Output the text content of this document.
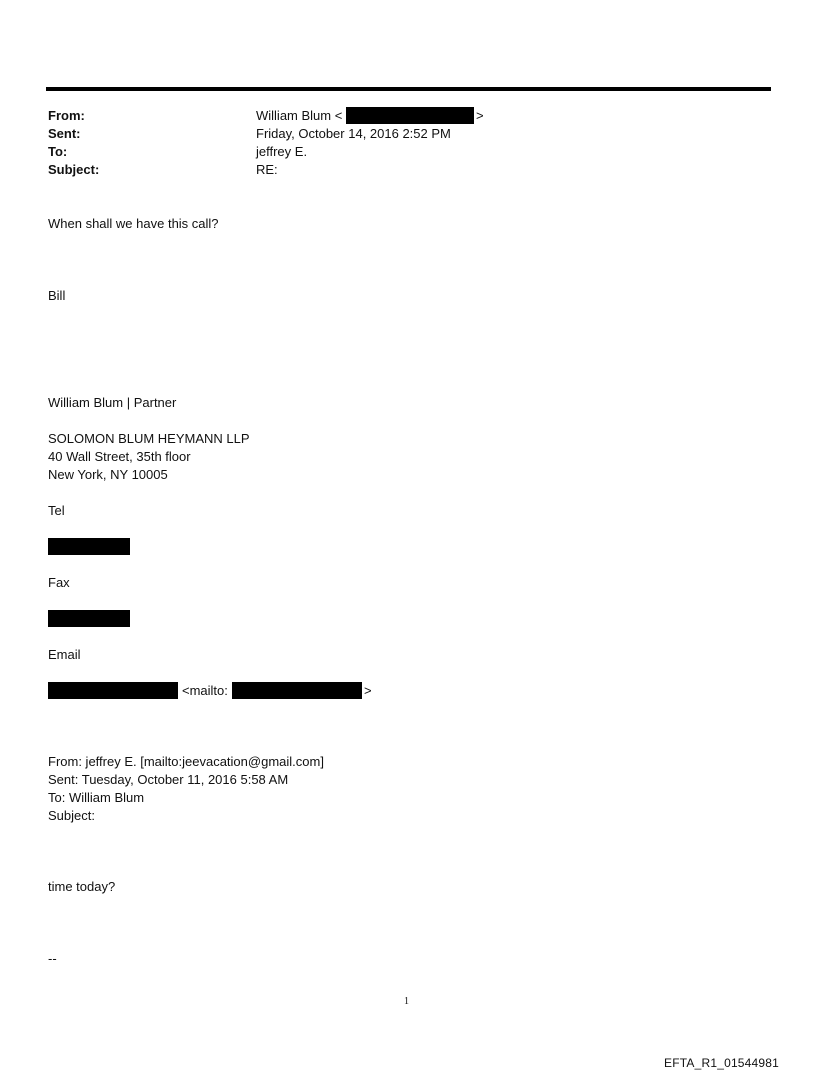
From:
Sent:
To:
Subject:
William Blum <	>
Friday, October 14, 2016 2:52 PM
jeffrey E.
RE:
When shall we have this call?
Bill
William Blum | Partner
SOLOMON BLUM HEYMANN LLP
40 Wall Street, 35th floor
New York, NY 10005
Tel
Fax
Email
<mailto:	>
From: jeffrey E. [mailto:jeevacation@gmail.com]
Sent: Tuesday, October 11, 2016 5:58 AM
To: William Blum
Subject:
time today?
--
1
EFTA_R1_01544981
